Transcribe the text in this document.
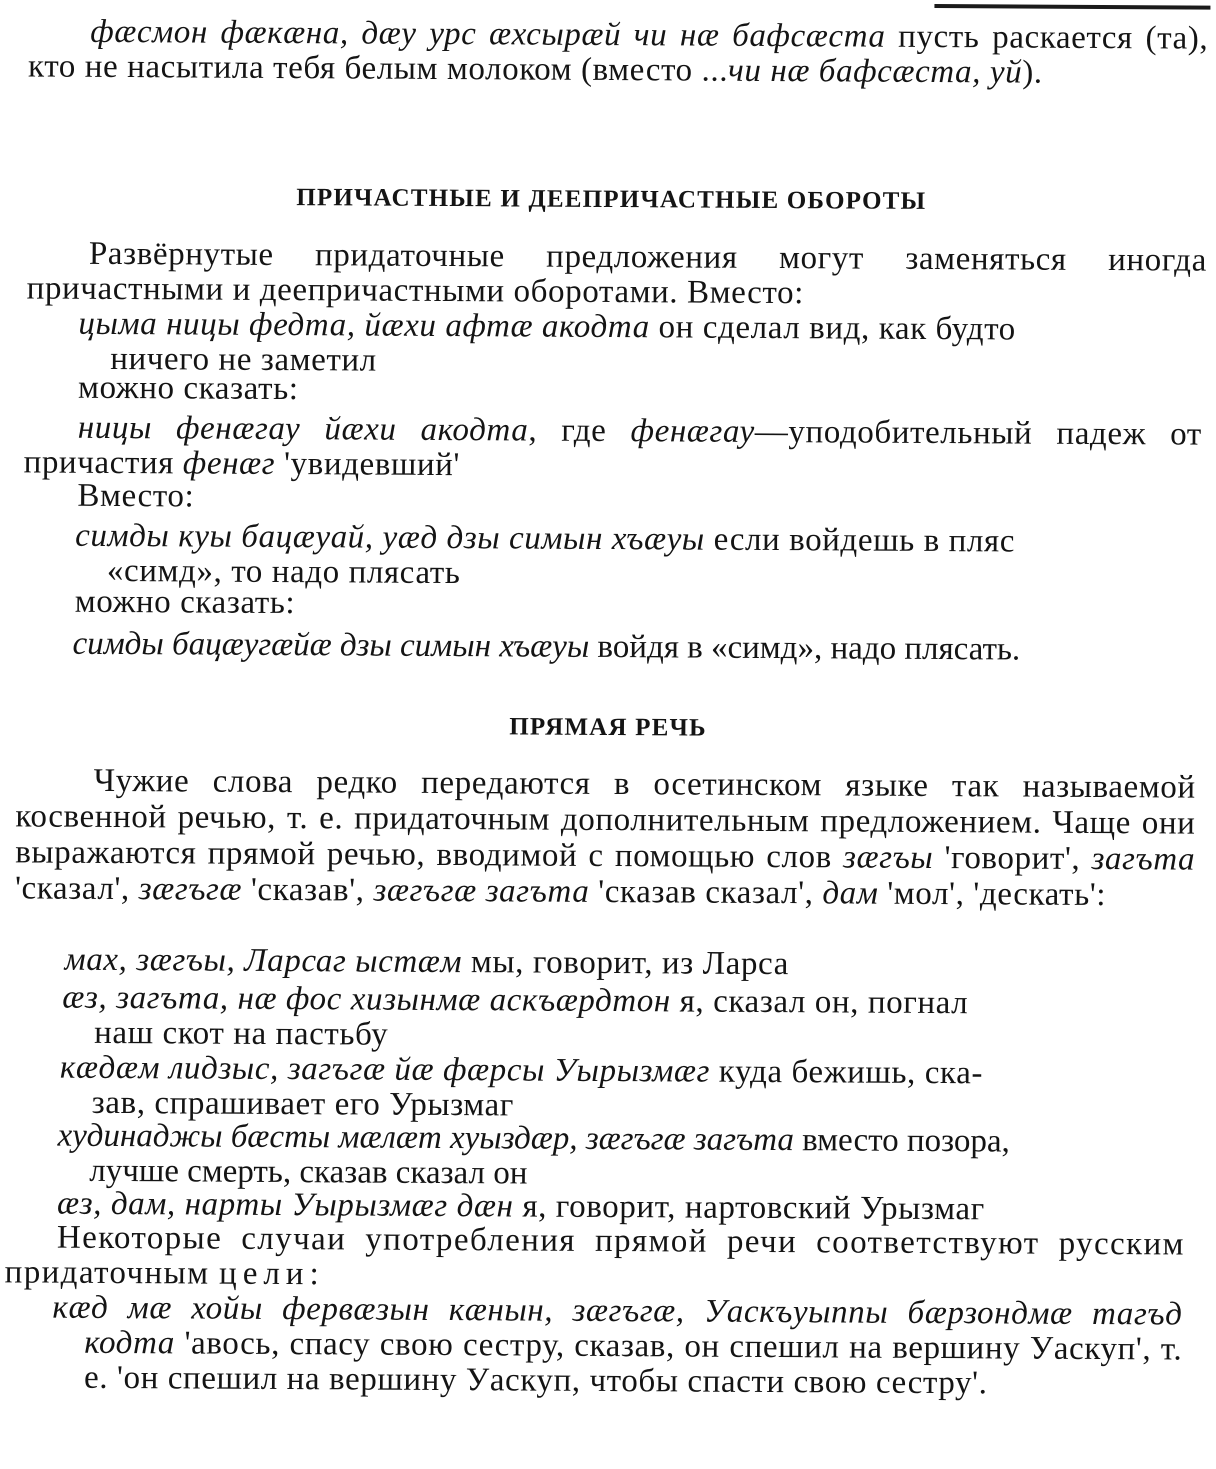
фæсмон фæкæна, дæу урс æхсырæй чи нæ бафсæста пусть раскается (та), кто не насытила тебя белым молоком (вместо ...чи нæ бафсæста, уй).
ПРИЧАСТНЫЕ И ДЕЕПРИЧАСТНЫЕ ОБОРОТЫ
Развёрнутые придаточные предложения могут заменяться иногда причастными и деепричастными оборотами. Вместо:
цыма ницы федта, йæхи афтæ акодта он сделал вид, как будто
ничего не заметил
можно сказать:
ницы фенæгау йæхи акодта, где фенæгау—уподобительный падеж от причастия фенæг 'увидевший'
Вместо:
симды куы бацæуай, уæд дзы симын хъæуы если войдешь в пляс
«симд», то надо плясать
можно сказать:
симды бацæугæйæ дзы симын хъæуы войдя в «симд», надо плясать.
ПРЯМАЯ РЕЧЬ
Чужие слова редко передаются в осетинском языке так называемой косвенной речью, т. е. придаточным дополнительным предложением. Чаще они выражаются прямой речью, вводимой с помощью слов зæгъы 'говорит', загъта 'сказал', зæгъгæ 'сказав', зæгъгæ загъта 'сказав сказал', дам 'мол', 'дескать':
мах, зæгъы, Ларсаг ыстæм мы, говорит, из Ларса
æз, загъта, нæ фос хизынмæ аскъæрдтон я, сказал он, погнал
наш скот на пастьбу
кæдæм лидзыс, загъгæ йæ фæрсы Уырызмæг куда бежишь, ска-
зав, спрашивает его Урызмаг
худинаджы бæсты мæлæт хуыздæр, зæгъгæ загъта вместо позора,
лучше смерть, сказав сказал он
æз, дам, нарты Уырызмæг дæн я, говорит, нартовский Урызмаг
Некоторые случаи употребления прямой речи соответствуют русским придаточным цели:
кæд мæ хойы фервæзын кæнын, зæгъгæ, Уаскъуыппы бæрзондмæ тагъд кодта 'авось, спасу свою сестру, сказав, он спешил на вершину Уаскуп', т. е. 'он спешил на вершину Уаскуп, чтобы спасти свою сестру'.
